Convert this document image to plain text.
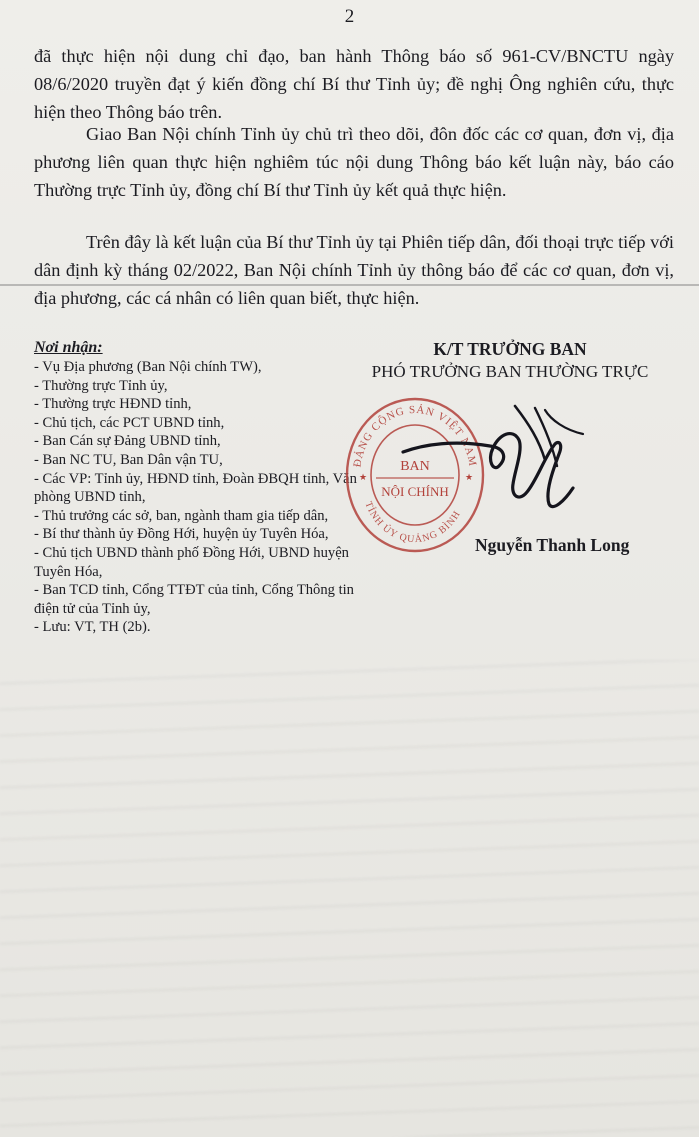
2

đã thực hiện nội dung chỉ đạo, ban hành Thông báo số 961-CV/BNCTU ngày 08/6/2020 truyền đạt ý kiến đồng chí Bí thư Tỉnh ủy; đề nghị Ông nghiên cứu, thực hiện theo Thông báo trên.

Giao Ban Nội chính Tỉnh ủy chủ trì theo dõi, đôn đốc các cơ quan, đơn vị, địa phương liên quan thực hiện nghiêm túc nội dung Thông báo kết luận này, báo cáo Thường trực Tỉnh ủy, đồng chí Bí thư Tỉnh ủy kết quả thực hiện.

Trên đây là kết luận của Bí thư Tỉnh ủy tại Phiên tiếp dân, đối thoại trực tiếp với dân định kỳ tháng 02/2022, Ban Nội chính Tỉnh ủy thông báo để các cơ quan, đơn vị, địa phương, các cá nhân có liên quan biết, thực hiện.

Nơi nhận:
- Vụ Địa phương (Ban Nội chính TW),
- Thường trực Tỉnh ủy,
- Thường trực HĐND tỉnh,
- Chủ tịch, các PCT UBND tỉnh,
- Ban Cán sự Đảng UBND tỉnh,
- Ban NC TU, Ban Dân vận TU,
- Các VP: Tỉnh ủy, HĐND tỉnh, Đoàn ĐBQH tỉnh, Văn phòng UBND tỉnh,
- Thủ trưởng các sở, ban, ngành tham gia tiếp dân,
- Bí thư thành ủy Đồng Hới, huyện ủy Tuyên Hóa,
- Chủ tịch UBND thành phố Đồng Hới, UBND huyện Tuyên Hóa,
- Ban TCD tỉnh, Cổng TTĐT của tỉnh, Cổng Thông tin điện tử của Tỉnh ủy,
- Lưu: VT, TH (2b).
K/T TRƯỞNG BAN
PHÓ TRƯỞNG BAN THƯỜNG TRỰC
ĐẢNG CỘNG SẢN VIỆT NAM
TỈNH ỦY QUẢNG BÌNH
★	★
BAN
NỘI CHÍNH
Nguyễn Thanh Long
